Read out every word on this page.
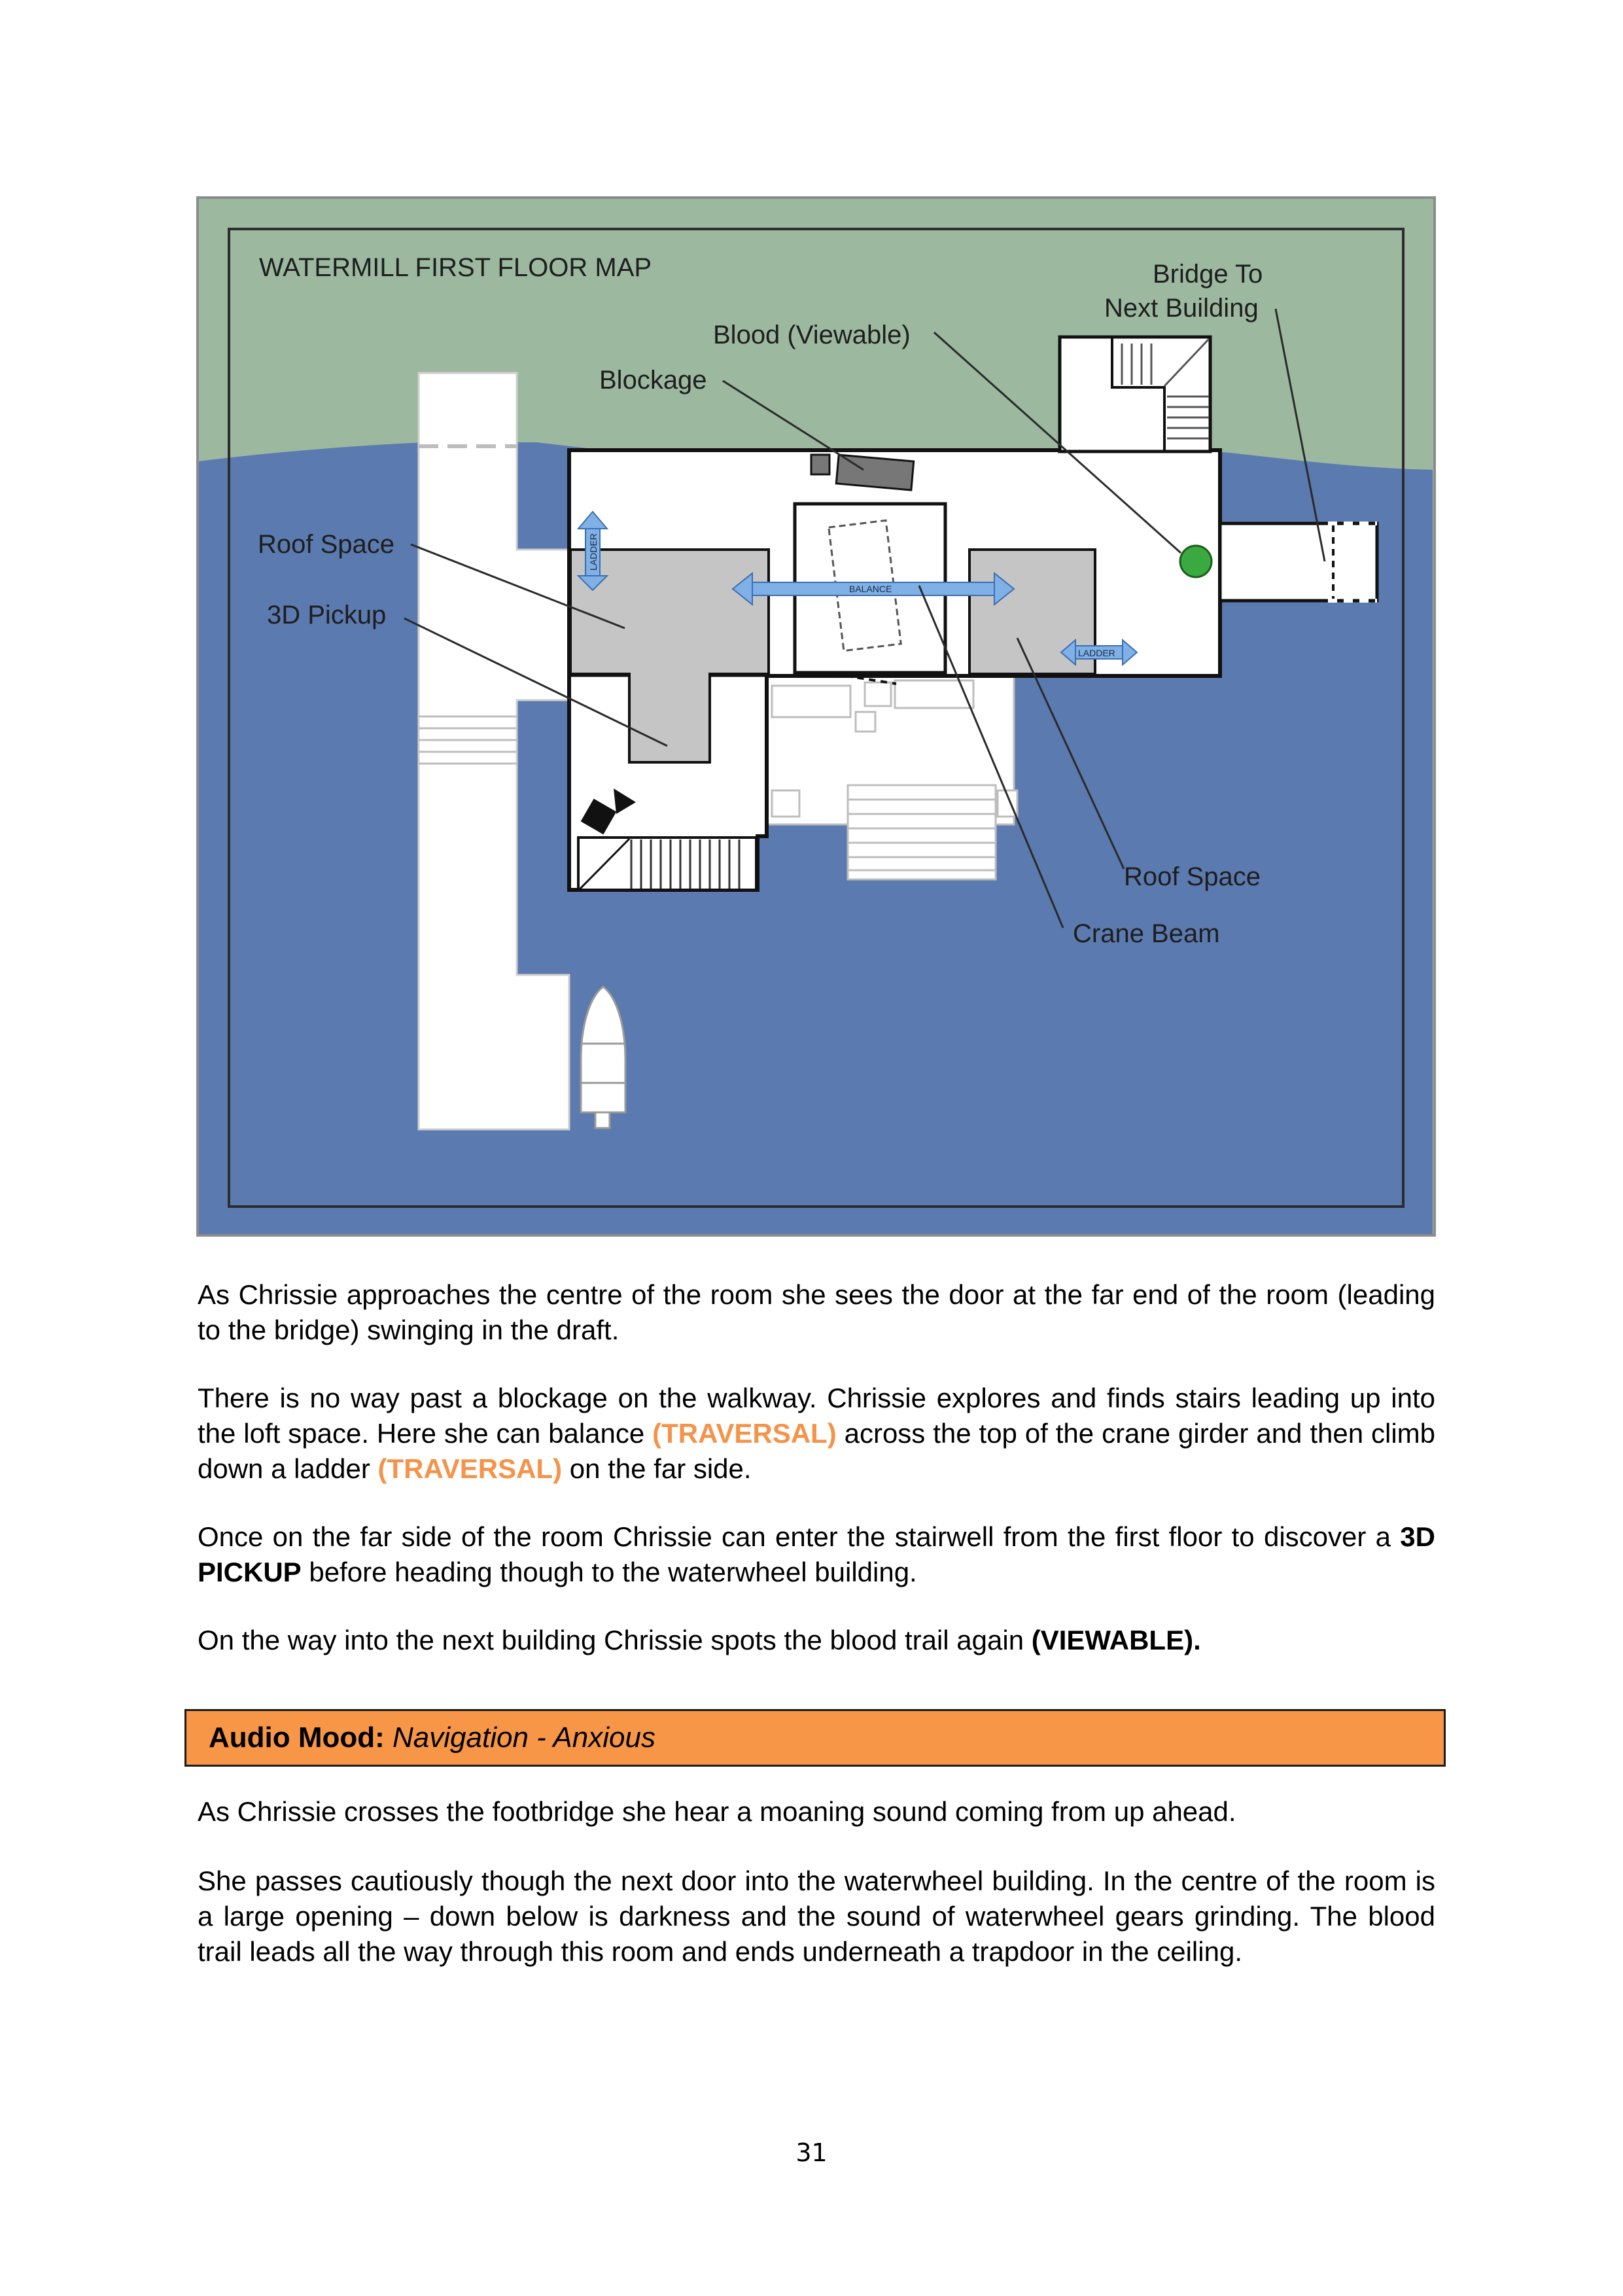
LADDER
BALANCE
LADDER
WATERMILL FIRST FLOOR MAP	Bridge To
Next Building
Blood (Viewable)
Blockage
Roof Space
3D Pickup
Roof Space
Crane Beam

As Chrissie approaches the centre of the room she sees the door at the far end of the room (leading to the bridge) swinging in the draft.

There is no way past a blockage on the walkway. Chrissie explores and finds stairs leading up into the loft space. Here she can balance (TRAVERSAL) across the top of the crane girder and then climb down a ladder (TRAVERSAL) on the far side.

Once on the far side of the room Chrissie can enter the stairwell from the first floor to discover a 3D PICKUP before heading though to the waterwheel building.

On the way into the next building Chrissie spots the blood trail again (VIEWABLE).

Audio Mood:
Navigation - Anxious

As Chrissie crosses the footbridge she hear a moaning sound coming from up ahead.

She passes cautiously though the next door into the waterwheel building. In the centre of the room is a large opening – down below is darkness and the sound of waterwheel gears grinding. The blood trail leads all the way through this room and ends underneath a trapdoor in the ceiling.

31
